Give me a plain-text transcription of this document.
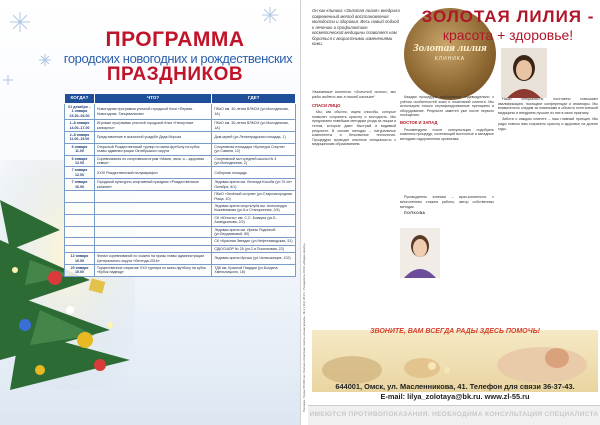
ПРОГРАММА
городских новогодних и рождественских
ПРАЗДНИКОВ
КОГДА?	ЧТО?	ГДЕ?
01 декабря – 1 января 23.30–03.00	Новогодняя программа уличной городской ёлки «Первая. Новогодняя. Танцевальная»	ПКиО им. 30-летия ВЛКСМ (ул.Молодежная, 1А)
1–8 января 14.00–17.00	Игровые программы уличной городской ёлки «Нескучные каникулы»	ПКиО им. 30-летия ВЛКСМ (ул.Молодежная, 1А)
2–8 января 11.00–15.00	Представление в сказочной усадьбе Деда Мороза	Дом-музей (ул.Ленинградская площадь, 1)
6 января 11.00	Открытый Рождественский турнир по мини-футболу на кубок главы администрации Октябрьского округа	Спортивная площадка «Культура Спорта» (ул.Савина, 12)
6 января 12.00	Соревнования по спортивным играм «Мама, папа, я – здоровая семья»	Спортивный зал средней школы № 4 (ул.Молодежная, 2)
7 января 12.00	XXIV Рождественский полумарафон	Соборная площадь
7 января 16.00	Городской культурно-спортивный праздник «Рождественское катание»	Ледовая арена им. Леонида Кособа (ул.70 лет Октября, 6/1)
		ПКиО «Зелёный остров» (ул.Старозагородная Роща, 10)
		Ледовая арена спортклуба им. Александра Кожевникова (ул.6-я Станционная, 2/4)
		СК «Юность» им. С.С. Бовкуна (ул.Б. Ахмедьянова, 2/2)
		Ледовая арена им. Ирины Родниной (ул.Бердниковой, 80)
		СК «Красная Звезда» (ул.Нефтезаводская, 51)
		СДЮСШОР № 25 (ул.2-я Поселковая, 22)
12 января 16.00	Финал соревнований по хоккею на призы главы администрации Центрального округа «Легенда-2016»	Ледовая арена Иртыш (ул.Челюскинцев, 102)
20 января 15.00	Торжественное открытие XXII турнира по мини-футболу на кубок «Кубок надежд»	ТДК им. Красной Гвардии (ул.Богдана Хмельницкого, 18)	Реклама. Тираж 65 000 экз. Омская областная газета «Наше время», № 2 (112) 2016 г. Учредитель ООО «Медиа-Центр»
Он как клиника «Золотая лилия» внедрила современный метод восстановления молодости и здоровья. Весь новый подход к лечению и профилактике косметической медицины позволяет нам бороться с возрастными изменениями кожи.	Золотая лилия
КЛИНИКА
ЗОЛОТАЯ ЛИЛИЯ -
красота + здоровье!
Уважаемые клиенты «Золотой лилии», мы рады видеть вас в нашей клинике!
СПАСИ ЛИЦО

Мы, как обычно, ищем способы, которые позволят сохранить красоту и молодость. Мы предлагаем новейшие методики ухода за лицом и телом, которые дают быстрый и видимый результат. В основе методик – натуральные компоненты и безопасные технологии. Процедуры проводят опытные специалисты с медицинским образованием.

Каждая процедура подбирается индивидуально с учётом особенностей кожи и пожеланий клиента. Мы используем только сертифицированные препараты и оборудование. Результат заметен уже после первого посещения.

ВОСТОК И ЗАПАД

Рекомендуем после консультации подобрать комплекс процедур, сочетающий восточные и западные методики оздоровления организма.

Руководитель клиники – врач-косметолог с многолетним стажем работы, автор собственных методик.

ПОПКОВА

Наши специалисты постоянно повышают квалификацию, посещают конференции и семинары. Мы внимательно следим за новинками в области эстетической медицины и внедряем лучшие из них в свою практику.

Забота о каждом клиенте – наш главный принцип. Мы рады помочь вам сохранить красоту и здоровье на долгие годы.

ЗВОНИТЕ, ВАМ ВСЕГДА РАДЫ ЗДЕСЬ ПОМОЧЬ!
644001, Омск, ул. Масленникова, 41. Телефон для связи 36-37-43.
E-mail: lilya_zolotaya@bk.ru. www.zl-55.ru
ИМЕЮТСЯ ПРОТИВОПОКАЗАНИЯ. НЕОБХОДИМА КОНСУЛЬТАЦИЯ СПЕЦИАЛИСТА
